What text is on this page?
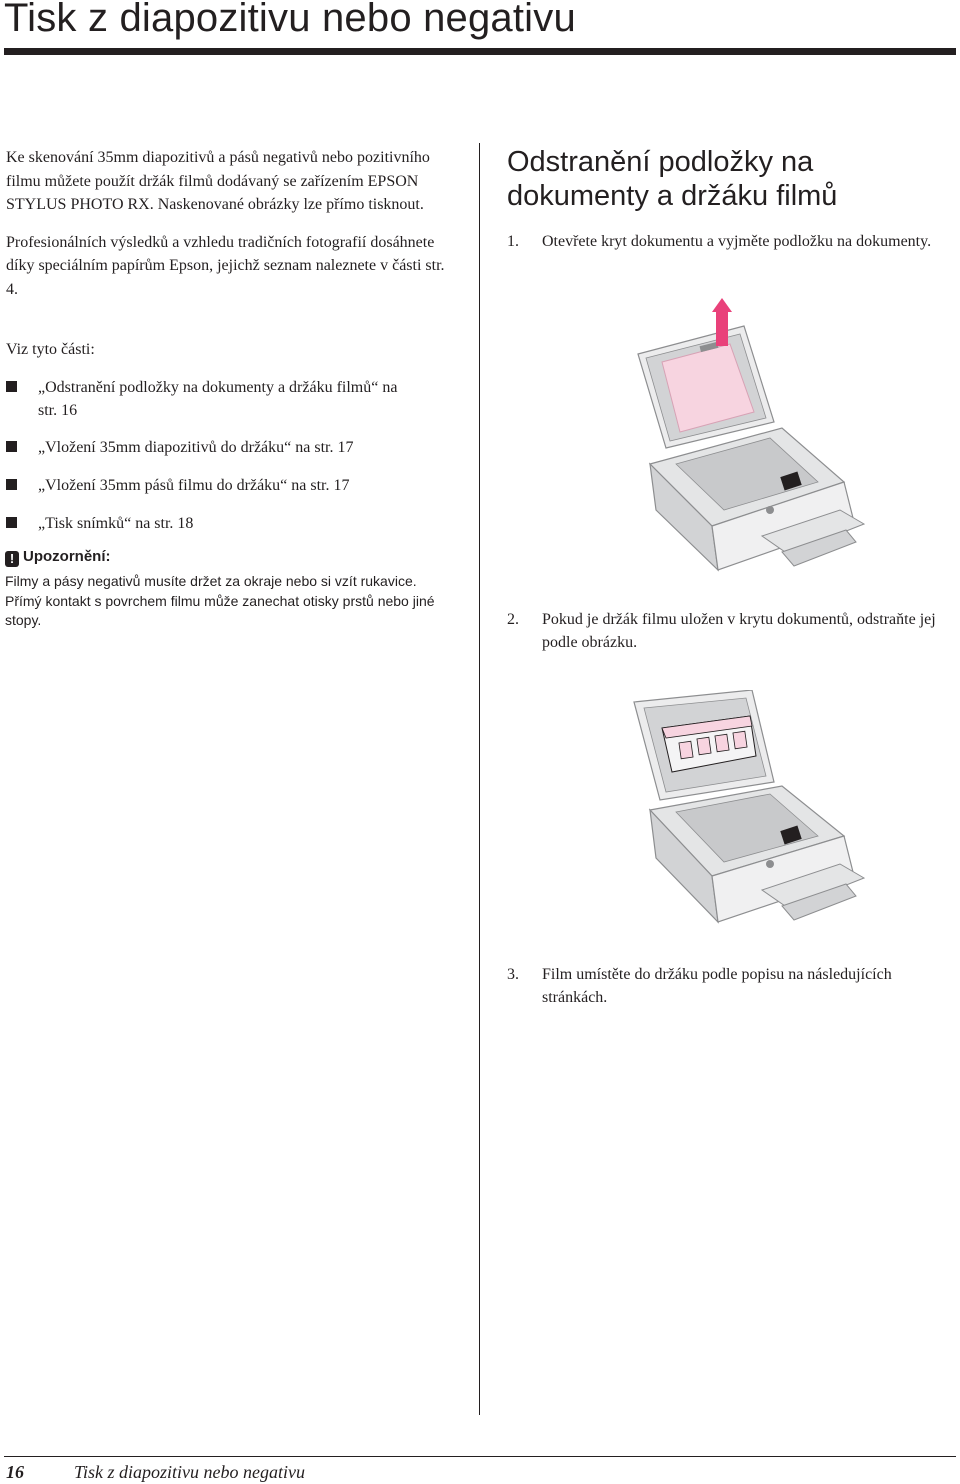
Tisk z diapozitivu nebo negativu

Ke skenování 35mm diapozitivů a pásů negativů nebo pozitivního filmu můžete použít držák filmů dodávaný se zařízením EPSON STYLUS PHOTO RX. Naskenované obrázky lze přímo tisknout.

Profesionálních výsledků a vzhledu tradičních fotografií dosáhnete díky speciálním papírům Epson, jejichž seznam naleznete v části str. 4.

Viz tyto části:

„Odstranění podložky na dokumenty a držáku filmů“ na
str. 16
„Vložení 35mm diapozitivů do držáku“ na str. 17
„Vložení 35mm pásů filmu do držáku“ na str. 17
„Tisk snímků“ na str. 18
! Upozornění:

Filmy a pásy negativů musíte držet za okraje nebo si vzít rukavice. Přímý kontakt s povrchem filmu může zanechat otisky prstů nebo jiné stopy.

Odstranění podložky na dokumenty a držáku filmů
1. Otevřete kryt dokumentu a vyjměte podložku na dokumenty.
2. Pokud je držák filmu uložen v krytu dokumentů, odstraňte jej podle obrázku.
3. Film umístěte do držáku podle popisu na následujících stránkách.
16	Tisk z diapozitivu nebo negativu
